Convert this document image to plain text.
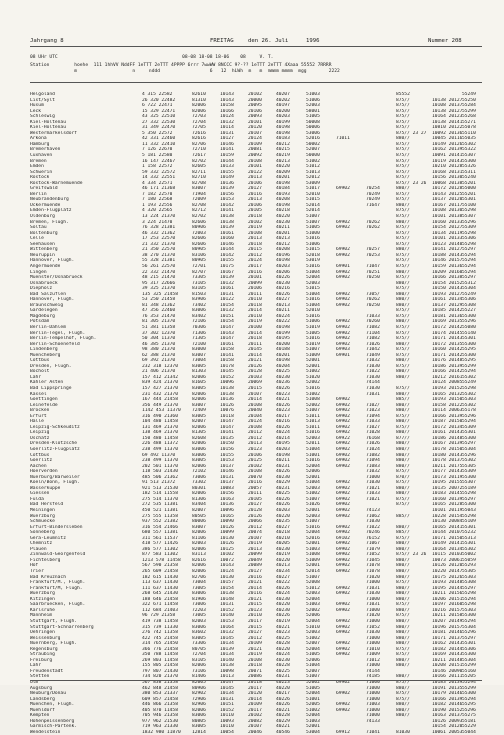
Jahrgang 8	FREITAG	den 26. Juli	1996	Nummer 208
08 UHr UTC                                             08-08 18-08 18-06    08     V. T.
Station         hoehe  111 1hhVV NddFF 1eTTT 2eTTT 4PPPP 6rrr 7wwWW 8NCCC 9?-?? 1eTTT 2eTTT 4Xaaa 55552 7RRRR
m                    n     nddd                  6   12  hLWh  m   m  mmmm mmmm  mgg        2222
Helgoland	4 315 22582	82610	10143	20102	40207	51003	85552	55249
List/Sylt	26 320 22482	81310	10143	20000	40202	51006	875//	10138 20127 55250
Husum	6 722 22471	82006	10158	20095	40197	52003	875//	10108 20137 55284
Leck	15 329 22471	82006	10166	20106	40200	58001	875//	10138 20127 55299
Schleswig	43 325 22510	72703	10124	20093	40203	51005	875//	10164 20123 55268
Kiel-Holtenau	27 332 22530	72704	10132	20101	40199	50008	875//	10138 20141 55271
Kiel-Holtenau	31 349 22470	72705	10114	20120	40198	50006	875//	10810 20122 55078
Westermarkelsdorf	5 350 22572	72616	10131	20107	40198	53006	875// 23 27 10092 20136 55110
Arkona	42 331 22460	82616	10127	20124	40183	52016	71011	880//	10045 20116 55035
Hamburg	11 332 22410	82706	10146	20109	40212	50002	875//	10149 20126 55302
Bremerhaven	7 126 22670	72710	10141	20081	40215	52007	875//	10162 20139 55322
Cuxhaven	5 181 22580	72617	10159	20092	40219	50000	875//	10091 20141 55307
Bremen	16 147 22467	82702	10144	20108	40213	51002	875//	10119 20143 55300
Emden	1 158 22572	82605	10133	20101	40220	51012	875//	10210 20128 55326
Schwerin	59 332 22572	82711	10155	20122	40209	51013	875//	10168 20131 55311
Rostock	14 332 22551	82710	10149	20113	40201	52012	875//	10156 20130 55240
Rostock-Warnemuende	4 334 22571	82708	10136	20106	40198	53009	875// 23 26 10068 20138 55201
Greifswald	46 171 21368	83007	10139	20127	40184	51017	69902	70254	880//	10172 20128 55000
Berlin	7 182 22570	71904	10156	20116	40193	52010	70249	875//	10143 20125 55201
Neubrandenburg	7 180 22568	72009	10153	20113	40208	51015	70249	875//	10137 20120 55301
Uckermuende	1 193 22556	82708	10142	20106	40198	52014	71647	880//	10167 20117 55100
Emden-Flugplatz	4 320 22565	82712	10141	20105	40218	52014	875//	10108 20130 55298
Oldenburg	13 224 21370	82702	10138	20118	40220	51007	875//	10101 20138 55307
Bremen, Flugh.	3 224 21470	82606	10138	20102	40230	51007	69902	70262	880//	10160 20133 55296
Soltau	76 328 21381	80906	10139	20119	40211	51005	69902	70262	875//	10154 20127 55309
Boltenburg	46 332 21362	72003	10161	20108	40201	51000	875//	10134 20119 55298
Celle	17 253 22570	82606	10160	20113	40213	51016	875//	10101 20133 55306
Seehausen	21 332 21370	82606	10146	20118	40212	51006	875//	10123 20140 55298
Wittenberg	21 350 22570	80905	10144	20115	40208	51015	69902	70257	880//	10141 20127 55297
Neuruppin	38 270 21370	83106	10142	20112	40196	52018	69902	70253	875//	10188 20143 55294
Hannover, Flugh.	55 328 21381	80905	10155	20124	40198	53019	875//	10146 20157 55294
Angermuende	56 261 22570	72701	10175	20117	40203	51016	69901	71047	875//	10159 20136 55294
Lingen	22 332 21470	82707	10167	20116	40206	51004	69902	70251	880//	10209 20160 55294
Muenster/Osnabrueck	48 215 21470	73305	10139	20101	40226	52004	69902	70250	875//	10166 20138 55297
Osnabrueck	95 317 22666	73105	10132	20099	40230	52003	880//	10154 20152 55312
Diepholz	39 325 21370	83105	10161	20106	40216	51015	875//	10150 20143 55304
Bad Salzuflen	135 325 21458	81503	10131	20111	40226	51004	69902	7305/	880//	10193 20127 55249
Hannover, Flugh.	53 250 21458	83906	10122	20110	40227	51016	69902	70262	880//	10161 20134 55306
Braunschweig	81 348 21362	73402	10154	20118	40213	51004	69902	70250	880//	10137 20129 55308
Gardelegen	47 356 22460	83006	10132	20114	40211	52010	875//	10185 20142 55227
Magdeburg	76 353 21470	83402	10151	20110	40224	51016	71033	875//	10181 20136 55300
Potsdam	81 305 21370	72106	10154	20119	40222	51006	69902	70260	880//	10169 20135 55296
Berlin-Dahlem	51 381 11358	70306	10147	20100	40198	51019	69902	71082	875//	10172 20142 55080
Berlin-Tegel, Flugh.	37 302 12370	71306	10143	20114	40199	51005	69902	71104	875//	10174 20145 55140
Berlin-Tempelhof, Flugh.	50 304 11370	71305	10147	20118	40195	51016	69902	71082	875//	10171 20143 55301
Berlin-Schoenefeld	46 385 21370	72100	10161	20111	40200	51019	69902	71026	880//	10172 20135 55300
Lindenberg	98 380 21370	83000	10158	20145	40188	51007	69903	71042	875//	10160 20142 55295
Muencheberg	62 388 21370	83007	10141	20114	40201	51009	69901	71049	875//	10171 20142 55300
Cottbus	69 392 21370	73004	10158	20121	40198	52001	71032	880//	10176 20148 55295
Dresden, Flugh.	232 318 12370	83005	10178	20126	40204	52001	71030	875//	10186 20139 55299
Bocholt	21 406 21370	81303	10145	20128	40225	51002	71022	880//	10166 20142 55294
Lahr	157 412 21342	82006	10152	20103	40230	51020	71030	880//	10212 20161 55302
Kahler Asten	839 424 21370	81605	10096	20069	40236	52002	74144	10124 20085 55249
Bad Lippspringe	157 427 21370	83005	10138	20115	40226	51016	71030	875//	10193 20152 55298
Kassel	231 432 21370	82006	10138	20107	40223	51002	71031	880//	10165 20132 55302
Goettingen	167 444 21458	82006	10136	20114	40221	51008	69902	885//	10193 20150 55303
Leinefelde	356 449 21370	83007	10126	20108	40226	52002	69902	7102/	880//	10158 20122 55302
Brocken	1142 453 11370 72409	10076	20040	40223	51007	69902	71023	880//	10114 20063 55178
Erfurt	316 490 21360	83005	10118	20104	40217	51011	69902	71094	875//	10166 20139 55296
Halle	104 480 11458	82007	10147	20124	40216	51013	69902	71033	880//	10187 20150 55294
Leipzig-Schkeuditz	131 469 21370	82006	10147	20108	40226	51011	69902	71027	875//	10172 20134 55309
Leipzig	138 469 21370	81305	10141	20112	40224	51016	69902	71028	880//	10161 20143 55301
Oschatz	150 480 11458	82608	10135	20112	40214	52003	69922	76168	877//	10186 20148 55300
Dresden-Klotzsche	226 488 11372	82006	10150	20113	40195	52011	69902	71026	880//	10167 20139 55297
Goerlitz-Flugplatz	238 499 11370	83006	10156	20123	40203	51004	69902	71024	880//	10178 20150 55304
Cottbus	69 492 11370	83006	10155	20106	40198	51001	69902	71082	880//	10180 20143 55296
Goerlitz	238 499 11370	83005	10153	20125	40211	51016	69902	71094	880//	10178 20137 55302
Aachen	202 501 11370	82006	10137	20102	40231	52004	69902	71083	880//	10211 20175 55305
Hoerverden	118 503 21430	72102	10146	20108	40226	52006	71032	875//	10177 20143 55309
Nuerburg/Barweiler	485 506 21362	73006	10131	20070	40230	52001	71000	870//	10173 20119 55300
Koeln/Bonn, Flugh.	91 513 21372	73302	10137	20116	40229	51004	69902	71030	875//	10195 20155 55307
Wasserkuppe	921 513 21530	80301	10083	20057	40231	52003	69902	71021	880//	10135 20072 55189
Giessen	182 514 11558	82006	10156	20111	40225	51002	69902	71033	880//	10183 20145 55298
Fulda	275 514 11370	81306	10163	20105	40226	51007	69902	71021	875//	10160 20139 55297
Bad Hersfeld	272 535 11381	83404	10136	20127	40226	51026	69902	875//	10165 20128 55300
Meiningen	450 521 11381	82007	10096	20128	40203	52001	69902	74123	10101 20119 55043
Wuerzburg	275 555 11358	80505	10165	20126	40220	52003	69902	71062	885//	10228 20154 55298
Schmuecke	937 552 21382	80006	10090	20066	40235	51007	71030	10130 20084 55109
Erfurt-Bindersleben	316 554 21466	83007	10126	20112	40227	51016	69902	71022	880//	10165 20141 55301
Sonneberg	680 557 11381	82006	10099	20074	40218	52004	69902	70246	885//	10144 20107 55232
Gera-Leumnitz	311 561 11537	81106	10130	20107	40210	52016	69102	76152	875//	10171 20150 55313
Chemnitz	418 577 11426	82003	10126	20119	40205	52001	69902	71067	880//	10149 20141 55301
Plauen	386 577 11302	82006	10125	20113	40230	51003	69902	71079	880//	10164 20134 55302
Zinnwald-Georgenfeld	877 583 11302	83113	10102	20099	40219	51008	69902	71052	875// 23 26 10115 20103 55002
Fichtelberg	1213 578 11458 82616	10072	20049	40220	51009	69902	71045	880//	10073 20061 55059
Hof	567 590 21358	82006	10143	20089	40213	52001	69902	71078	880//	10126 20120 55293
Trier	265 609 21458	82006	10124	20127	40234	52014	69902	71078	880//	10220 20147 55305
Bad Kreuznach	182 615 11430	82706	10130	20116	40227	51007	71020	880//	10175 20126 55303
Frankfurt/M., Flugh.	113 637 11430	73004	10157	20121	40222	52008	71000	875//	10193 20148 55308
Frankfurt/M, Flugh.	111 637 11430	73005	10154	20114	40226	51012	69902	71031	880//	10195 20144 55297
Wuerzburg	268 645 21430	83006	10138	20116	40224	52003	69902	71030	880//	10211 20156 55298
Kitzingen	188 646 21458	81906	10148	20121	40230	52004	71000	880//	10206 20151 55294
Saarbruecken, Flugh.	322 671 11458	73006	10131	20115	40220	51003	69902	71031	875//	10197 20160 55298
Karlsruhe	112 684 21403	72203	10152	20123	40230	52002	69902	71000	880//	10216 20157 55303
Mannheim	96 729 21358	73005	10140	20110	40226	52006	71020	875//	10211 20158 55300
Stuttgart, Flugh.	419 738 11458	82003	10153	20117	40219	52004	69902	71000	880//	10207 20149 55294
Stuttgart-Schnarrenberg	315 739 11330	83006	10164	20115	40221	51010	69902	71052	880//	10196 20157 55304
Oehringen	276 742 11358	83602	10132	20127	40223	52003	69902	71030	880//	10181 20146 55296
Weissenburg	422 745 21458	83005	10145	20112	40225	51002	71000	880//	10171 20137 55297
Nuernberg, Flugh.	314 765 21450	73306	10134	20109	40228	52007	69902	71000	880//	10162 20143 55301
Regensburg	366 776 21458	80705	10139	20121	40220	52004	69902	71010	875//	10182 20144 55306
Straubing	350 788 11458	72704	10134	20119	40224	51005	69902	71009	875//	10169 20143 55300
Freiburg	269 803 11458	83105	10140	20108	40230	52006	71012	880//	10211 20148 55304
Lahr	155 805 21458	82006	10138	20118	40228	51004	71000	880//	10208 20151 55299
Freudenstadt	797 807 21430	73106	10098	20071	40225	52007	74144	10146 20090 55160
Stetten	734 820 21370	81406	10113	20086	40231	51007	74185	880//	10166 20111 55205
Ulm	567 838 21358	82005	10147	20118	40223	52002	69902	71000	875//	10183 20139 55294
Augsburg	462 848 21458	80906	10145	20117	40220	51005	71000	880//	10191 20135 55299
Neuburg/Donau	380 853 21337	82902	10134	20120	40217	52004	69902	71000	875//	10179 20146 55300
Landsberg	609 857 21458	72906	10131	20114	40226	51001	71000	875//	10166 20139 55294
Muenchen, Flugh.	446 866 21358	82906	10151	20109	40226	52005	69902	71003	880//	10182 20146 55295
Muehldorf	405 870 11458	82006	10152	20117	40221	51002	69902	71000	880//	10190 20152 55296
Kempten	705 946 21358	83006	10110	20102	40228	52004	71000	880//	10163 20137 55275
Hohenpeissenberg	977 962 21530	80805	10093	20082	40229	51003	74133	10126 20093 55181
Garmisch-Partenk.	719 963 21330	83005	10110	20107	40221	52001	10154 20120 55229
Wendelstein	1832 980 11870 12814	10054	20046	40546	53004	69912	71041	81030	10061 20053 55044
